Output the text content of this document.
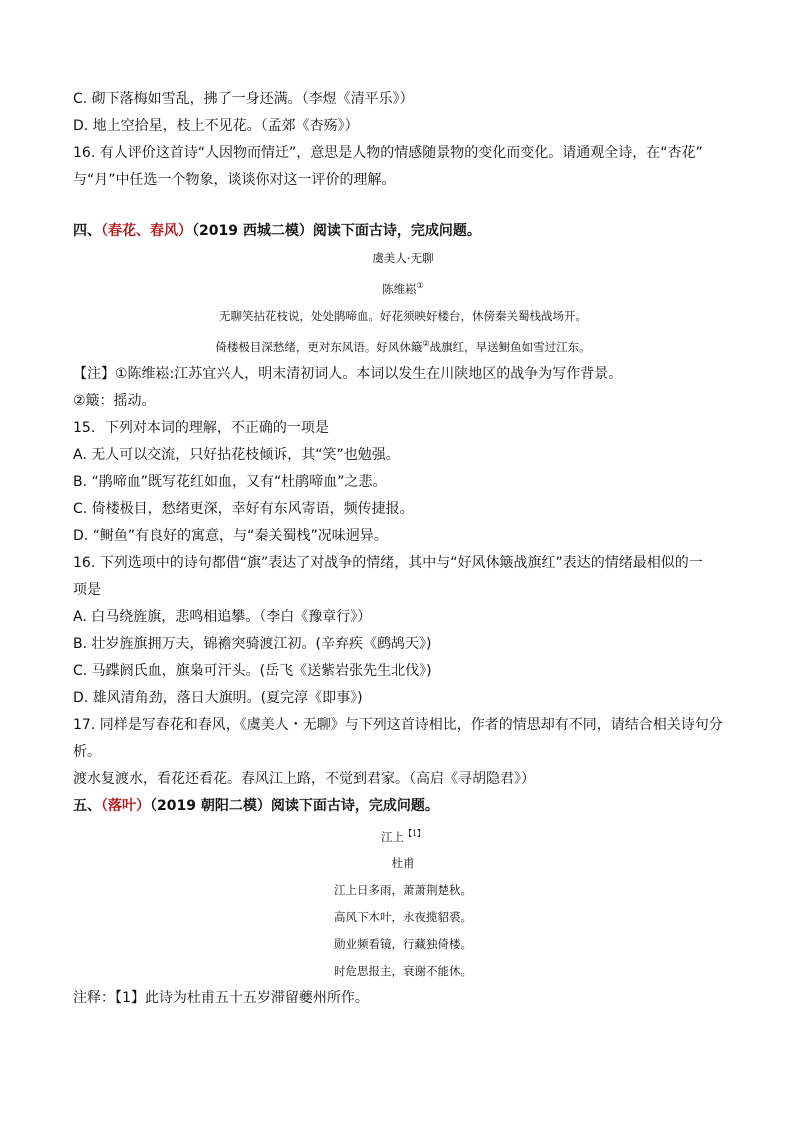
C. 砌下落梅如雪乱，拂了一身还满。（李煜《清平乐》）
D. 地上空拾星，枝上不见花。（孟郊《杏殇》）
16. 有人评价这首诗“人因物而情迁”，意思是人物的情感随景物的变化而变化。请通观全诗，在“杏花”
与“月”中任选一个物象，谈谈你对这一评价的理解。
四、（春花、春风）（2019 西城二模）阅读下面古诗，完成问题。
虞美人·无聊
陈维崧①
无聊笑拈花枝说，处处鹃啼血。好花须映好楼台，休傍秦关蜀栈战场开。
倚楼极目深愁绪，更对东风语。好风休簸②战旗红，早送鲥鱼如雪过江东。
【注】①陈维崧:江苏宜兴人，明末清初词人。本词以发生在川陕地区的战争为写作背景。
②簸：摇动。
15．下列对本词的理解，不正确的一项是
A. 无人可以交流，只好拈花枝倾诉，其“笑”也勉强。
B. “鹃啼血”既写花红如血，又有“杜鹃啼血”之悲。
C. 倚楼极目，愁绪更深，幸好有东风寄语，频传捷报。
D. “鲥鱼”有良好的寓意，与“秦关蜀栈”况味迥异。
16. 下列选项中的诗句都借“旗”表达了对战争的情绪，其中与“好风休簸战旗红”表达的情绪最相似的一
项是
A. 白马绕旌旗，悲鸣相追攀。（李白《豫章行》）
B. 壮岁旌旗拥万夫，锦襜突骑渡江初。(辛弃疾《鹧鸪天》)
C. 马蹀阏氏血，旗枭可汗头。(岳飞《送紫岩张先生北伐》)
D. 雄风清角劲，落日大旗明。(夏完淳《即事》)
17. 同样是写春花和春风，《虞美人・无聊》与下列这首诗相比，作者的情思却有不同，请结合相关诗句分
析。
渡水复渡水，看花还看花。春风江上路，不觉到君家。（高启《寻胡隐君》）
五、（落叶）（2019 朝阳二模）阅读下面古诗，完成问题。
江上$^{【1】}$
杜甫
江上日多雨，萧萧荆楚秋。
高风下木叶，永夜揽貂裘。
勋业频看镜，行藏独倚楼。
时危思报主，衰谢不能休。
注释：【1】此诗为杜甫五十五岁滞留夔州所作。
